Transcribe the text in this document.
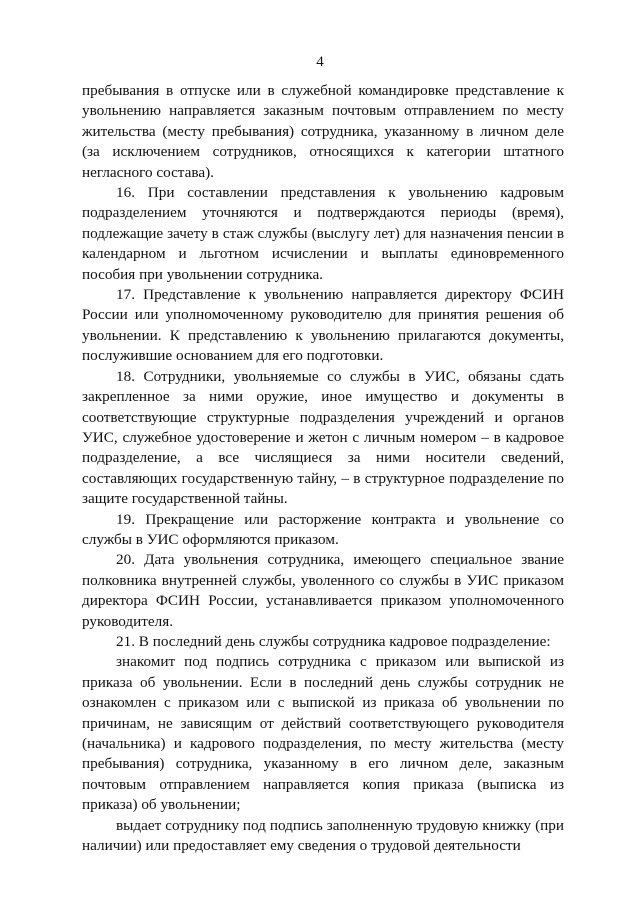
4

пребывания в отпуске или в служебной командировке представление к увольнению направляется заказным почтовым отправлением по месту жительства (месту пребывания) сотрудника, указанному в личном деле (за исключением сотрудников, относящихся к категории штатного негласного состава).

16. При составлении представления к увольнению кадровым подразделением уточняются и подтверждаются периоды (время), подлежащие зачету в стаж службы (выслугу лет) для назначения пенсии в календарном и льготном исчислении и выплаты единовременного пособия при увольнении сотрудника.

17. Представление к увольнению направляется директору ФСИН России или уполномоченному руководителю для принятия решения об увольнении. К представлению к увольнению прилагаются документы, послужившие основанием для его подготовки.

18. Сотрудники, увольняемые со службы в УИС, обязаны сдать закрепленное за ними оружие, иное имущество и документы в соответствующие структурные подразделения учреждений и органов УИС, служебное удостоверение и жетон с личным номером – в кадровое подразделение, а все числящиеся за ними носители сведений, составляющих государственную тайну, – в структурное подразделение по защите государственной тайны.

19. Прекращение или расторжение контракта и увольнение со службы в УИС оформляются приказом.

20. Дата увольнения сотрудника, имеющего специальное звание полковника внутренней службы, уволенного со службы в УИС приказом директора ФСИН России, устанавливается приказом уполномоченного руководителя.

21. В последний день службы сотрудника кадровое подразделение:

знакомит под подпись сотрудника с приказом или выпиской из приказа об увольнении. Если в последний день службы сотрудник не ознакомлен с приказом или с выпиской из приказа об увольнении по причинам, не зависящим от действий соответствующего руководителя (начальника) и кадрового подразделения, по месту жительства (месту пребывания) сотрудника, указанному в его личном деле, заказным почтовым отправлением направляется копия приказа (выписка из приказа) об увольнении;

выдает сотруднику под подпись заполненную трудовую книжку (при наличии) или предоставляет ему сведения о трудовой деятельности
